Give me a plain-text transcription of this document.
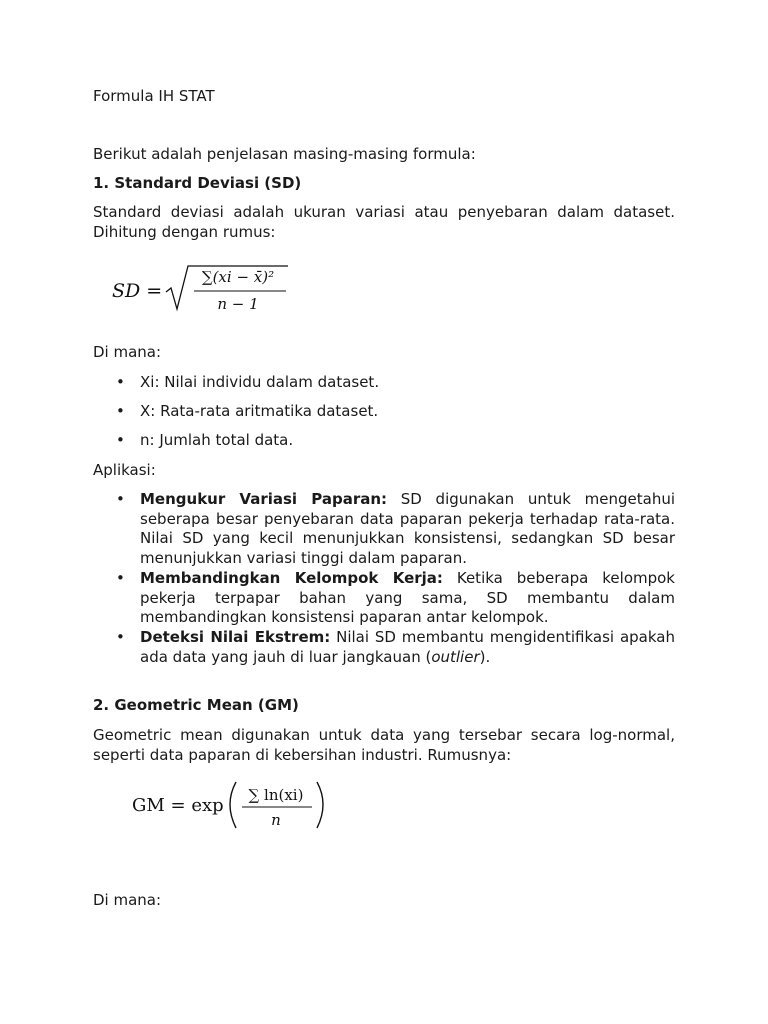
Formula IH STAT

Berikut adalah penjelasan masing-masing formula:

1. Standard Deviasi (SD)

Standard deviasi adalah ukuran variasi atau penyebaran dalam dataset. Dihitung dengan rumus:

SD =
∑(xi − x̄)²
n − 1

Di mana:

• Xi: Nilai individu dalam dataset.
• X: Rata-rata aritmatika dataset.
• n: Jumlah total data.

Aplikasi:

• Mengukur Variasi Paparan: SD digunakan untuk mengetahui seberapa besar penyebaran data paparan pekerja terhadap rata-rata. Nilai SD yang kecil menunjukkan konsistensi, sedangkan SD besar menunjukkan variasi tinggi dalam paparan.
• Membandingkan Kelompok Kerja: Ketika beberapa kelompok pekerja terpapar bahan yang sama, SD membantu dalam membandingkan konsistensi paparan antar kelompok.
• Deteksi Nilai Ekstrem: Nilai SD membantu mengidentifikasi apakah ada data yang jauh di luar jangkauan (outlier).

2. Geometric Mean (GM)

Geometric mean digunakan untuk data yang tersebar secara log-normal, seperti data paparan di kebersihan industri. Rumusnya:

GM = exp ∑ ln(xi)
n

Di mana:
